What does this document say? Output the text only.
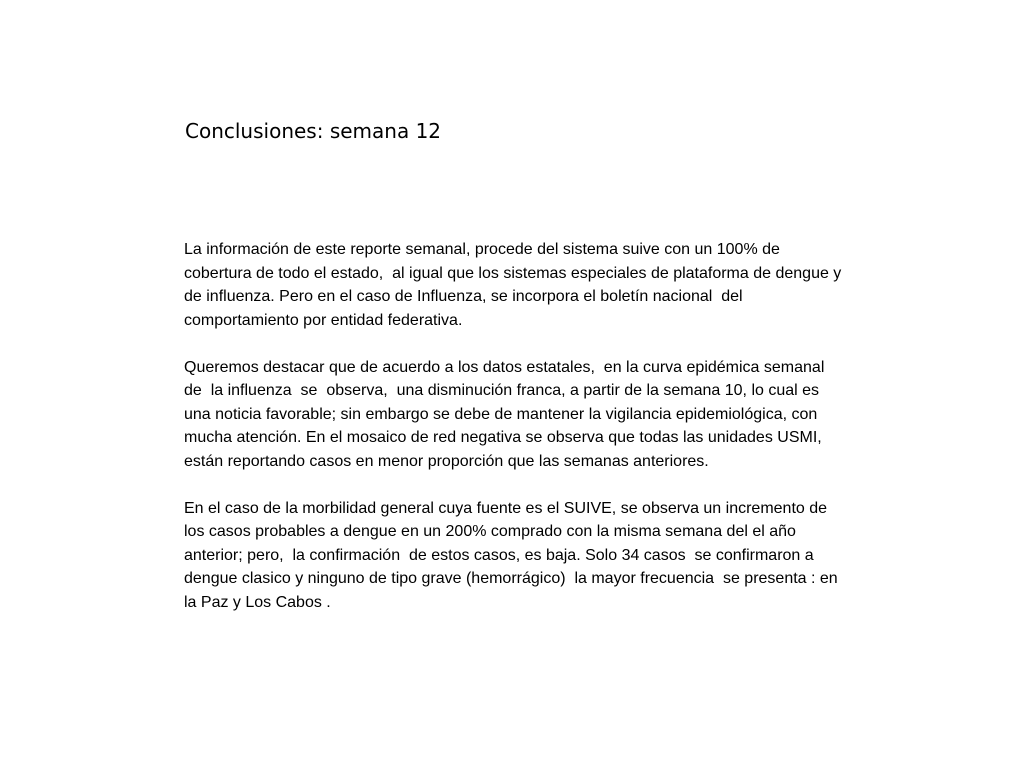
Conclusiones: semana 12

La información de este reporte semanal, procede del sistema suive con un 100% de
cobertura de todo el estado,  al igual que los sistemas especiales de plataforma de dengue y
de influenza. Pero en el caso de Influenza, se incorpora el boletín nacional  del
comportamiento por entidad federativa.

Queremos destacar que de acuerdo a los datos estatales,  en la curva epidémica semanal
de  la influenza  se  observa,  una disminución franca, a partir de la semana 10, lo cual es
una noticia favorable; sin embargo se debe de mantener la vigilancia epidemiológica, con
mucha atención. En el mosaico de red negativa se observa que todas las unidades USMI,
están reportando casos en menor proporción que las semanas anteriores.

En el caso de la morbilidad general cuya fuente es el SUIVE, se observa un incremento de
los casos probables a dengue en un 200% comprado con la misma semana del el año
anterior; pero,  la confirmación  de estos casos, es baja. Solo 34 casos  se confirmaron a
dengue clasico y ninguno de tipo grave (hemorrágico)  la mayor frecuencia  se presenta : en
la Paz y Los Cabos .
